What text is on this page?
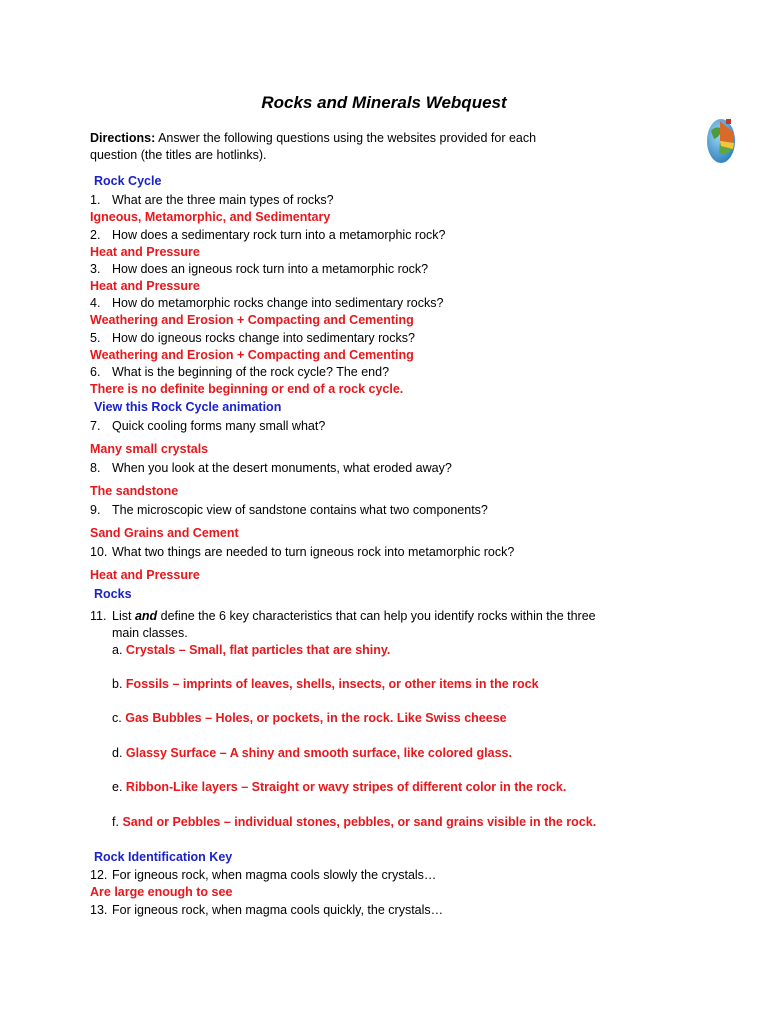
Rocks and Minerals Webquest
Directions: Answer the following questions using the websites provided for each
question (the titles are hotlinks).
Rock Cycle
1. What are the three main types of rocks?
Igneous, Metamorphic, and Sedimentary
2. How does a sedimentary rock turn into a metamorphic rock?
Heat and Pressure
3. How does an igneous rock turn into a metamorphic rock?
Heat and Pressure
4. How do metamorphic rocks change into sedimentary rocks?
Weathering and Erosion + Compacting and Cementing
5. How do igneous rocks change into sedimentary rocks?
Weathering and Erosion + Compacting and Cementing
6. What is the beginning of the rock cycle? The end?
There is no definite beginning or end of a rock cycle.
View this Rock Cycle animation
7. Quick cooling forms many small what?
Many small crystals
8. When you look at the desert monuments, what eroded away?
The sandstone
9. The microscopic view of sandstone contains what two components?
Sand Grains and Cement
10. What two things are needed to turn igneous rock into metamorphic rock?
Heat and Pressure
Rocks
11. List and define the 6 key characteristics that can help you identify rocks within the three
main classes.
a. Crystals – Small, flat particles that are shiny.
b. Fossils – imprints of leaves, shells, insects, or other items in the rock
c. Gas Bubbles – Holes, or pockets, in the rock. Like Swiss cheese
d. Glassy Surface – A shiny and smooth surface, like colored glass.
e. Ribbon-Like layers – Straight or wavy stripes of different color in the rock.
f. Sand or Pebbles – individual stones, pebbles, or sand grains visible in the rock.
Rock Identification Key
12. For igneous rock, when magma cools slowly the crystals…
Are large enough to see
13. For igneous rock, when magma cools quickly, the crystals…
